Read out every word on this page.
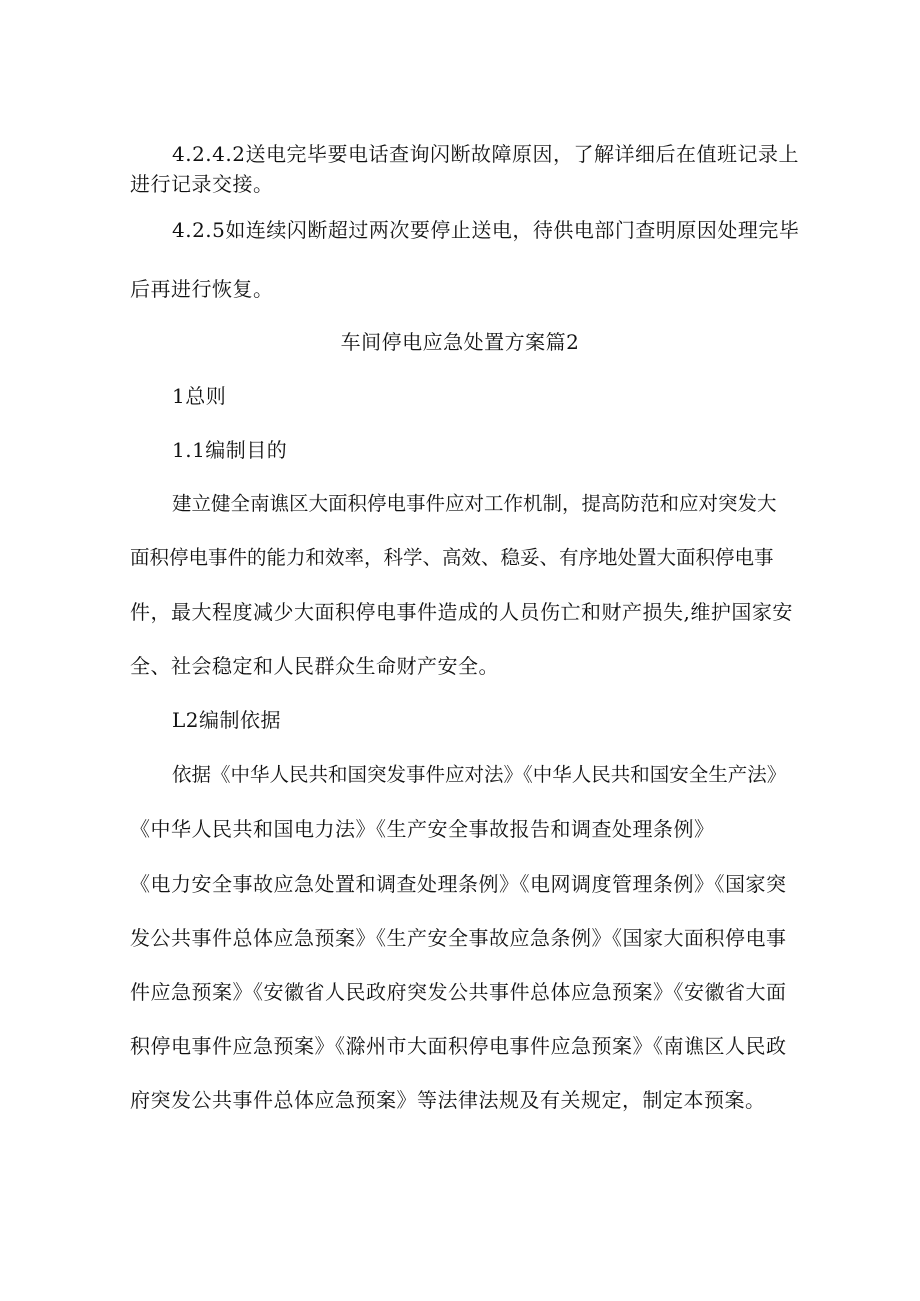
4.2.4.2送电完毕要电话查询闪断故障原因，了解详细后在值班记录上
进行记录交接。
4.2.5如连续闪断超过两次要停止送电，待供电部门查明原因处理完毕
后再进行恢复。
车间停电应急处置方案篇2
1总则
1.1编制目的
建立健全南谯区大面积停电事件应对工作机制，提高防范和应对突发大
面积停电事件的能力和效率，科学、高效、稳妥、有序地处置大面积停电事
件，最大程度减少大面积停电事件造成的人员伤亡和财产损失,维护国家安
全、社会稳定和人民群众生命财产安全。
L2编制依据
依据《中华人民共和国突发事件应对法》《中华人民共和国安全生产法》
《中华人民共和国电力法》《生产安全事故报告和调查处理条例》
《电力安全事故应急处置和调查处理条例》《电网调度管理条例》《国家突
发公共事件总体应急预案》《生产安全事故应急条例》《国家大面积停电事
件应急预案》《安徽省人民政府突发公共事件总体应急预案》《安徽省大面
积停电事件应急预案》《滁州市大面积停电事件应急预案》《南谯区人民政
府突发公共事件总体应急预案》等法律法规及有关规定，制定本预案。
